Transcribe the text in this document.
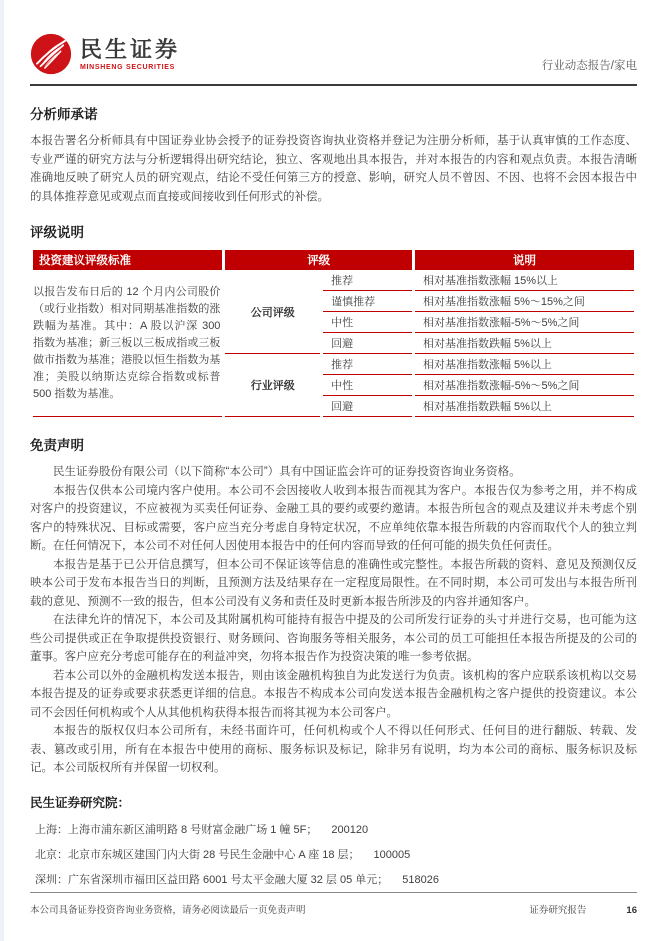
民生证券
MINSHENG SECURITIES	行业动态报告/家电
分析师承诺
本报告署名分析师具有中国证券业协会授予的证券投资咨询执业资格并登记为注册分析师，基于认真审慎的工作态度、专业严谨的研究方法与分析逻辑得出研究结论，独立、客观地出具本报告，并对本报告的内容和观点负责。本报告清晰准确地反映了研究人员的研究观点，结论不受任何第三方的授意、影响，研究人员不曾因、不因、也将不会因本报告中的具体推荐意见或观点而直接或间接收到任何形式的补偿。
评级说明
投资建议评级标准	评级		说明
以报告发布日后的 12 个月内公司股价（或行业指数）相对同期基准指数的涨跌幅为基准。其中：A 股以沪深 300 指数为基准；新三板以三板成指或三板做市指数为基准；港股以恒生指数为基准；美股以纳斯达克综合指数或标普 500 指数为基准。	公司评级	推荐	相对基准指数涨幅 15%以上
		谨慎推荐	相对基准指数涨幅 5%～15%之间
		中性	相对基准指数涨幅-5%～5%之间
		回避	相对基准指数跌幅 5%以上
	行业评级	推荐	相对基准指数涨幅 5%以上
		中性	相对基准指数涨幅-5%～5%之间
		回避	相对基准指数跌幅 5%以上
免责声明

民生证券股份有限公司（以下简称“本公司”）具有中国证监会许可的证券投资咨询业务资格。

本报告仅供本公司境内客户使用。本公司不会因接收人收到本报告而视其为客户。本报告仅为参考之用，并不构成对客户的投资建议，不应被视为买卖任何证券、金融工具的要约或要约邀请。本报告所包含的观点及建议并未考虑个别客户的特殊状况、目标或需要，客户应当充分考虑自身特定状况，不应单纯依靠本报告所载的内容而取代个人的独立判断。在任何情况下，本公司不对任何人因使用本报告中的任何内容而导致的任何可能的损失负任何责任。

本报告是基于已公开信息撰写，但本公司不保证该等信息的准确性或完整性。本报告所载的资料、意见及预测仅反映本公司于发布本报告当日的判断，且预测方法及结果存在一定程度局限性。在不同时期，本公司可发出与本报告所刊载的意见、预测不一致的报告，但本公司没有义务和责任及时更新本报告所涉及的内容并通知客户。

在法律允许的情况下，本公司及其附属机构可能持有报告中提及的公司所发行证券的头寸并进行交易，也可能为这些公司提供或正在争取提供投资银行、财务顾问、咨询服务等相关服务，本公司的员工可能担任本报告所提及的公司的董事。客户应充分考虑可能存在的利益冲突，勿将本报告作为投资决策的唯一参考依据。

若本公司以外的金融机构发送本报告，则由该金融机构独自为此发送行为负责。该机构的客户应联系该机构以交易本报告提及的证券或要求获悉更详细的信息。本报告不构成本公司向发送本报告金融机构之客户提供的投资建议。本公司不会因任何机构或个人从其他机构获得本报告而将其视为本公司客户。

本报告的版权仅归本公司所有，未经书面许可，任何机构或个人不得以任何形式、任何目的进行翻版、转载、发表、篡改或引用，所有在本报告中使用的商标、服务标识及标记，除非另有说明，均为本公司的商标、服务标识及标记。本公司版权所有并保留一切权利。

民生证券研究院：
上海：上海市浦东新区浦明路 8 号财富金融广场 1 幢 5F； 200120
北京：北京市东城区建国门内大街 28 号民生金融中心 A 座 18 层； 100005
深圳：广东省深圳市福田区益田路 6001 号太平金融大厦 32 层 05 单元； 518026
本公司具备证券投资咨询业务资格，请务必阅读最后一页免责声明	证券研究报告	16
